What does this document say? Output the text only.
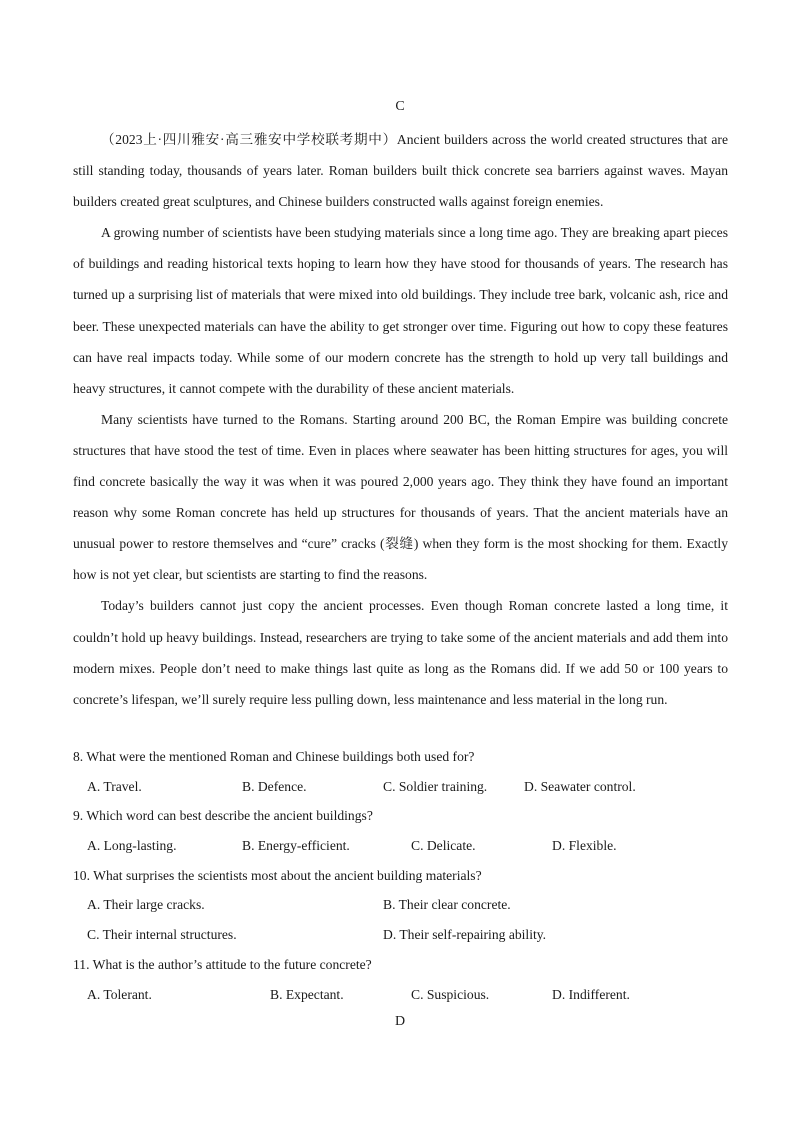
C

（2023上·四川雅安·高三雅安中学校联考期中）Ancient builders across the world created structures that are still standing today, thousands of years later. Roman builders built thick concrete sea barriers against waves. Mayan builders created great sculptures, and Chinese builders constructed walls against foreign enemies.

A growing number of scientists have been studying materials since a long time ago. They are breaking apart pieces of buildings and reading historical texts hoping to learn how they have stood for thousands of years. The research has turned up a surprising list of materials that were mixed into old buildings. They include tree bark, volcanic ash, rice and beer. These unexpected materials can have the ability to get stronger over time. Figuring out how to copy these features can have real impacts today. While some of our modern concrete has the strength to hold up very tall buildings and heavy structures, it cannot compete with the durability of these ancient materials.

Many scientists have turned to the Romans. Starting around 200 BC, the Roman Empire was building concrete structures that have stood the test of time. Even in places where seawater has been hitting structures for ages, you will find concrete basically the way it was when it was poured 2,000 years ago. They think they have found an important reason why some Roman concrete has held up structures for thousands of years. That the ancient materials have an unusual power to restore themselves and “cure” cracks (裂缝) when they form is the most shocking for them. Exactly how is not yet clear, but scientists are starting to find the reasons.

Today’s builders cannot just copy the ancient processes. Even though Roman concrete lasted a long time, it couldn’t hold up heavy buildings. Instead, researchers are trying to take some of the ancient materials and add them into modern mixes. People don’t need to make things last quite as long as the Romans did. If we add 50 or 100 years to concrete’s lifespan, we’ll surely require less pulling down, less maintenance and less material in the long run.

8. What were the mentioned Roman and Chinese buildings both used for?
A. Travel.	B. Defence.	C. Soldier training.	D. Seawater control.
9. Which word can best describe the ancient buildings?
A. Long-lasting.	B. Energy-efficient.	C. Delicate.	D. Flexible.
10. What surprises the scientists most about the ancient building materials?
A. Their large cracks.	B. Their clear concrete.
C. Their internal structures.	D. Their self-repairing ability.
11. What is the author’s attitude to the future concrete?
A. Tolerant.	B. Expectant.	C. Suspicious.	D. Indifferent.
D
